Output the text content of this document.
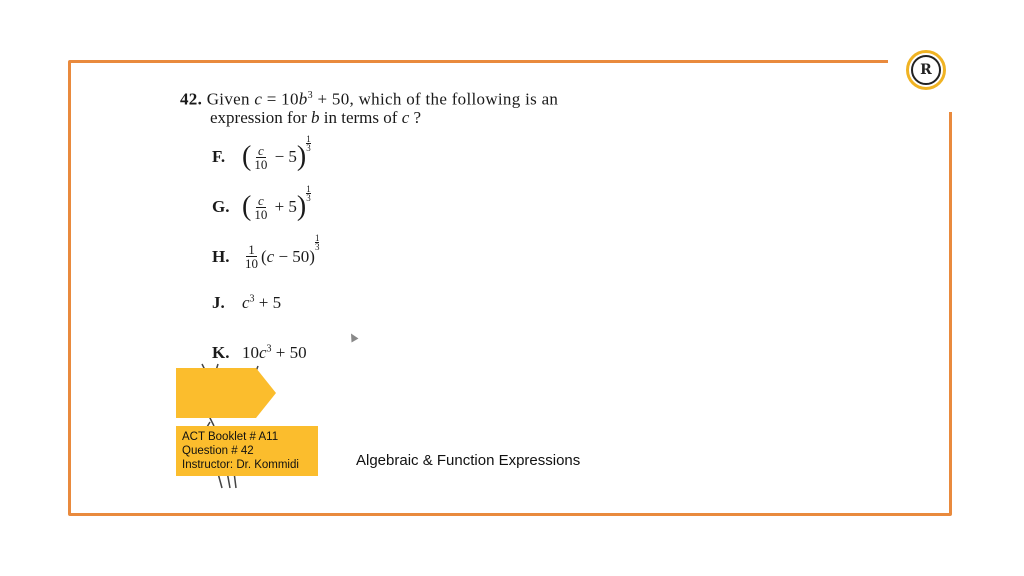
R
42. Given $c = 10b^3 + 50$, which of the following is an
expression for b in terms of c ?
F. ( $\frac{c}{10} - 5$ )
1
3
G. ( $\frac{c}{10} + 5$ )
1
3
H.	$\frac{1}{10} (c - 50)$
1
3
J.	$c^3 + 5$
K. $10c^3 + 50$
ACT Booklet # A11
Question # 42
Instructor: Dr. Kommidi	Algebraic & Function Expressions
